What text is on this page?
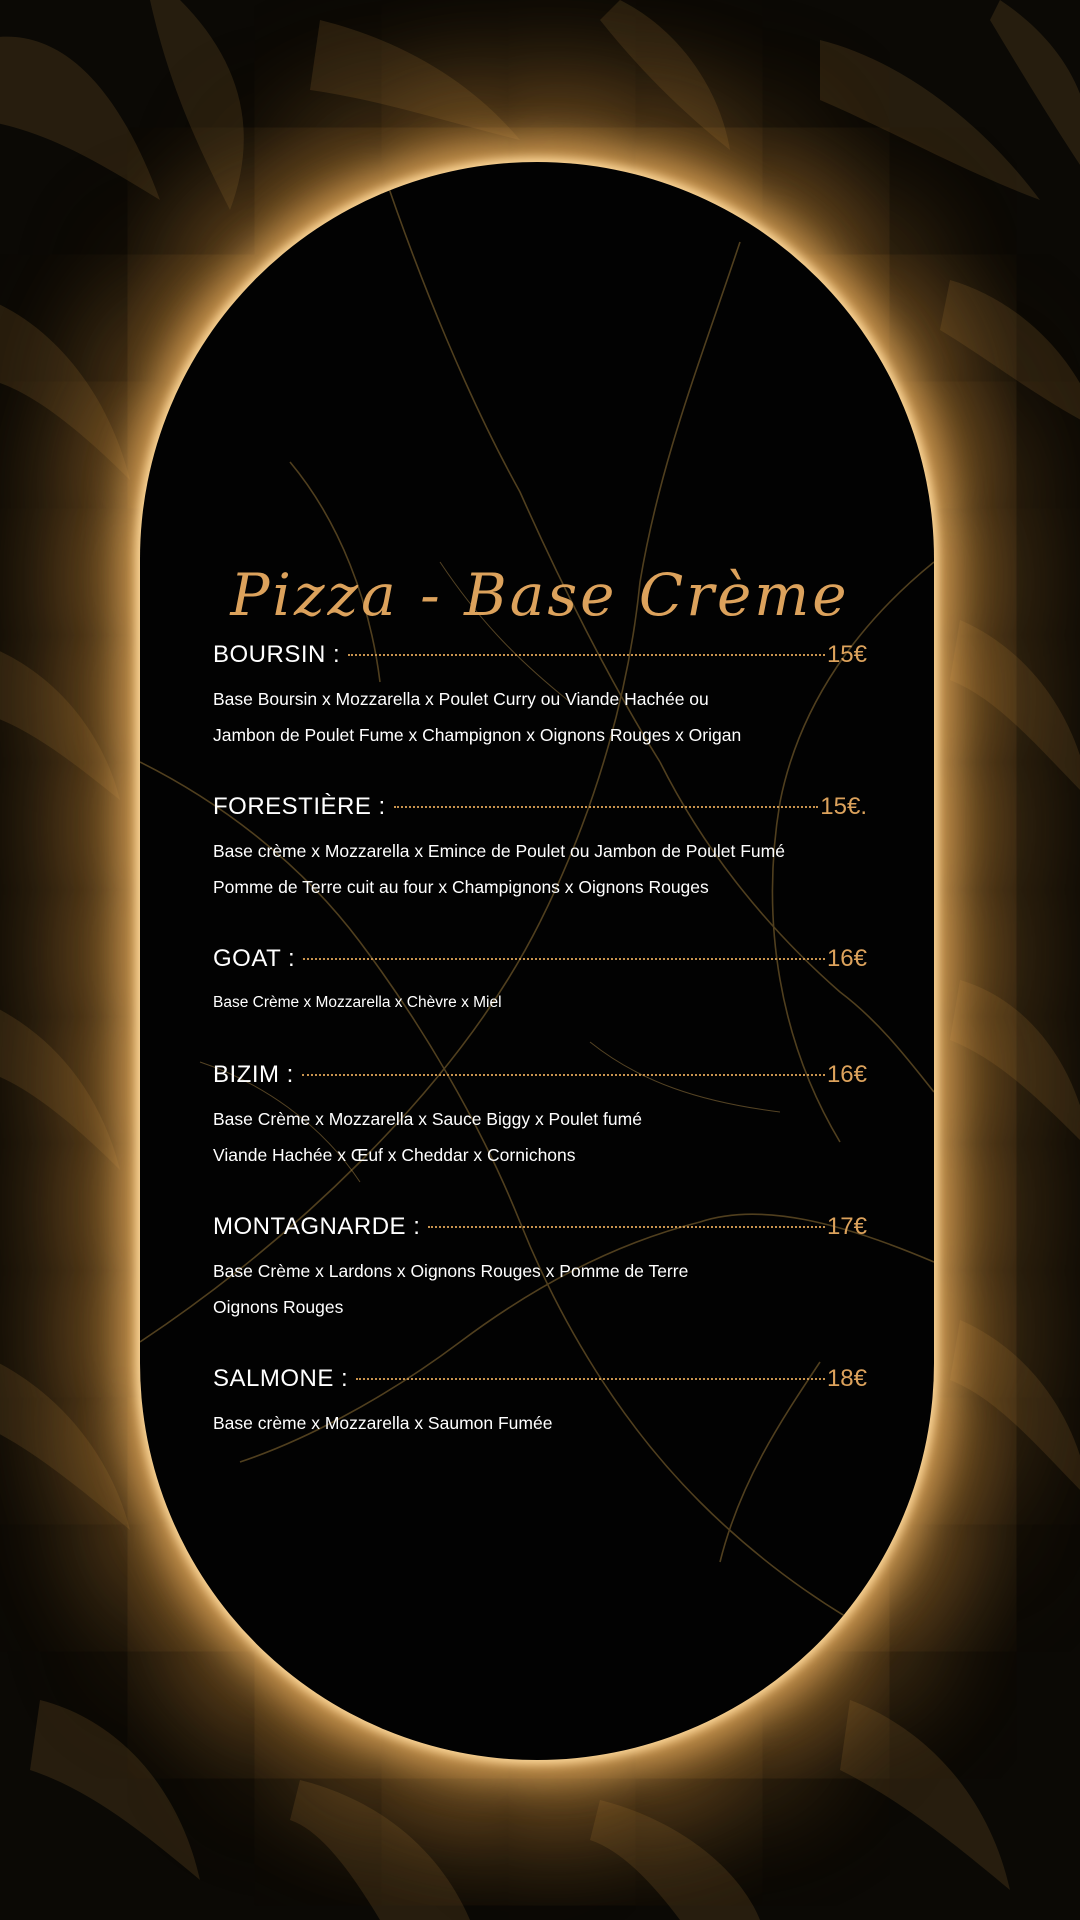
Pizza - Base Crème
BOURSIN :	15€
Base Boursin x Mozzarella x Poulet Curry ou Viande Hachée ou
Jambon de Poulet Fume x Champignon x Oignons Rouges x Origan
FORESTIÈRE :	15€.
Base crème x Mozzarella x Emince de Poulet ou Jambon de Poulet Fumé
Pomme de Terre cuit au four x Champignons x Oignons Rouges
GOAT :	16€
Base Crème x Mozzarella x Chèvre x Miel
BIZIM :	16€
Base Crème x Mozzarella x Sauce Biggy x Poulet fumé
Viande Hachée x Œuf x Cheddar x Cornichons
MONTAGNARDE :	17€
Base Crème x Lardons x Oignons Rouges x Pomme de Terre
Oignons Rouges
SALMONE :	18€
Base crème x Mozzarella x Saumon Fumée
